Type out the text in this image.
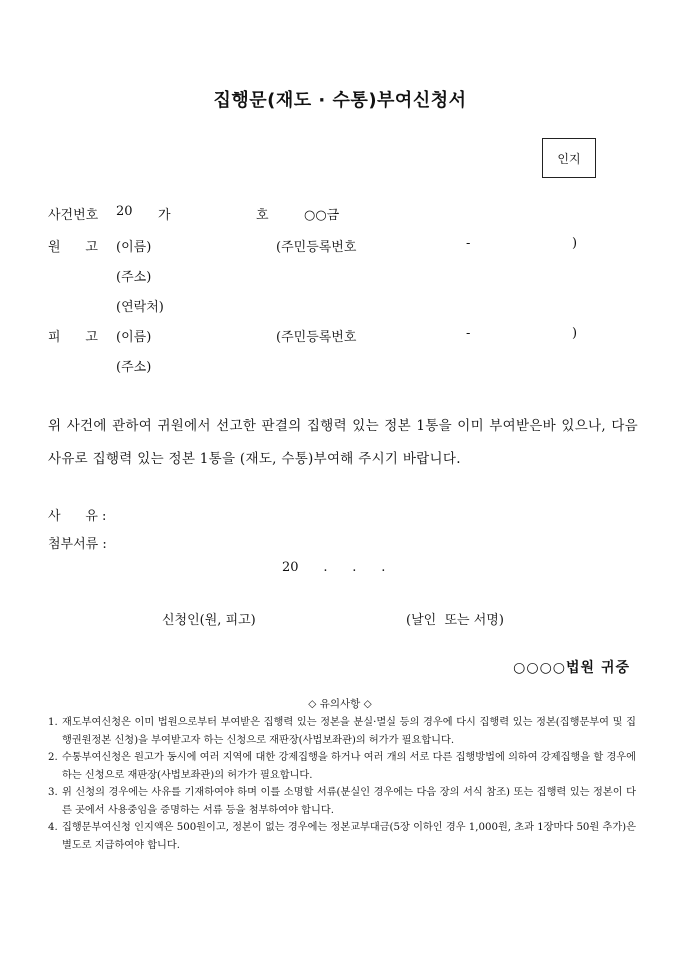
집행문(재도 · 수통)부여신청서
인지
사건번호 20 가	호	○○금
원      고 (이름)	(주민등록번호	-	)
(주소)
(연락처)
피      고 (이름)	(주민등록번호	-	)
(주소)
위 사건에 관하여 귀원에서 선고한 판결의 집행력 있는 정본 1통을 이미 부여받은바 있으나, 다음 사유로 집행력 있는 정본 1통을 (재도, 수통)부여해 주시기 바랍니다.
사      유 :
첨부서류 :
20      .      .      .
신청인(원, 피고)	(날인  또는 서명)
○○○○법원 귀중
◇ 유의사항 ◇
1. 재도부여신청은 이미 법원으로부터 부여받은 집행력 있는 정본을 분실·멸실 등의 경우에 다시 집행력 있는 정본(집행문부여 및 집행권원정본 신청)을 부여받고자 하는 신청으로 재판장(사법보좌관)의 허가가 필요합니다.
2. 수통부여신청은 원고가 동시에 여러 지역에 대한 강제집행을 하거나 여러 개의 서로 다른 집행방법에 의하여 강제집행을 할 경우에 하는 신청으로 재판장(사법보좌관)의 허가가 필요합니다.
3. 위 신청의 경우에는 사유를 기재하여야 하며 이를 소명할 서류(분실인 경우에는 다음 장의 서식 참조) 또는 집행력 있는 정본이 다른 곳에서 사용중임을 증명하는 서류 등을 첨부하여야 합니다.
4. 집행문부여신청 인지액은 500원이고, 정본이 없는 경우에는 정본교부대금(5장 이하인 경우 1,000원, 초과 1장마다 50원 추가)은 별도로 지급하여야 합니다.
